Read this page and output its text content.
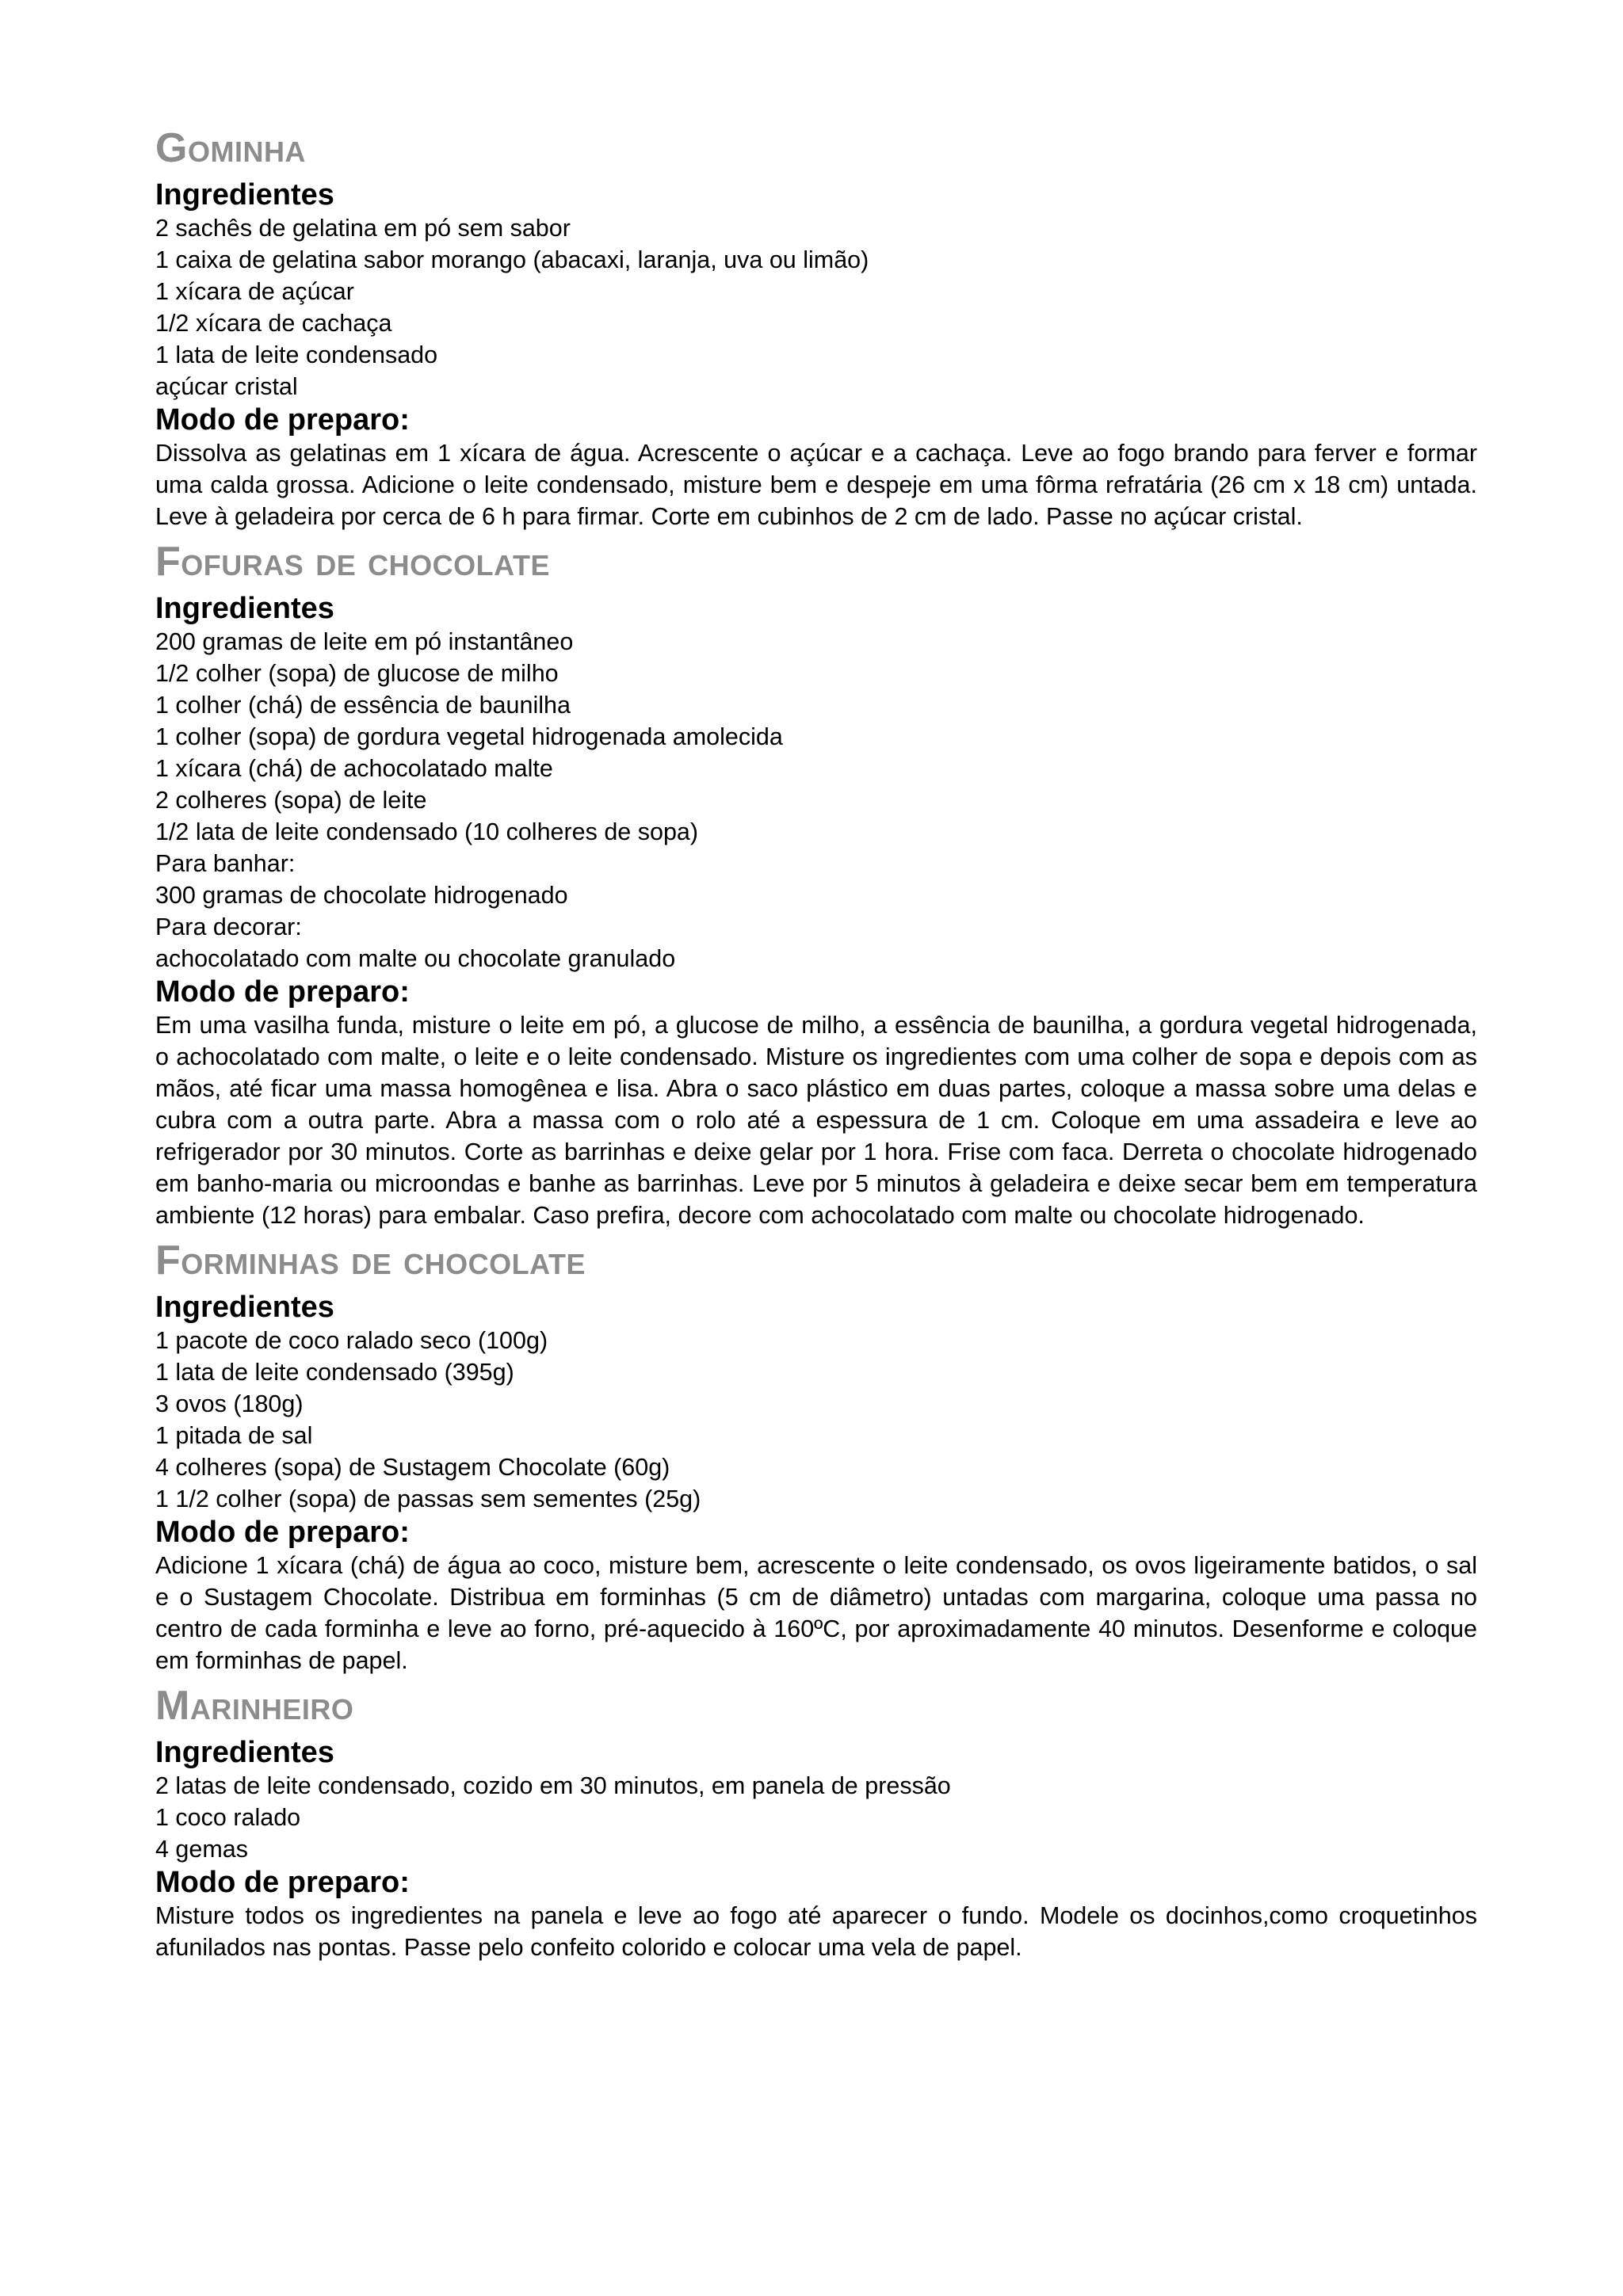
Gominha
Ingredientes
2 sachês de gelatina em pó sem sabor
1 caixa de gelatina sabor morango (abacaxi, laranja, uva ou limão)
1 xícara de açúcar
1/2 xícara de cachaça
1 lata de leite condensado
açúcar cristal
Modo de preparo:

Dissolva as gelatinas em 1 xícara de água. Acrescente o açúcar e a cachaça. Leve ao fogo brando para ferver e formar uma calda grossa. Adicione o leite condensado, misture bem e despeje em uma fôrma refratária (26 cm x 18 cm) untada. Leve à geladeira por cerca de 6 h para firmar. Corte em cubinhos de 2 cm de lado. Passe no açúcar cristal.

Fofuras de chocolate
Ingredientes
200 gramas de leite em pó instantâneo
1/2 colher (sopa) de glucose de milho
1 colher (chá) de essência de baunilha
1 colher (sopa) de gordura vegetal hidrogenada amolecida
1 xícara (chá) de achocolatado malte
2 colheres (sopa) de leite
1/2 lata de leite condensado (10 colheres de sopa)
Para banhar:
300 gramas de chocolate hidrogenado
Para decorar:
achocolatado com malte ou chocolate granulado
Modo de preparo:

Em uma vasilha funda, misture o leite em pó, a glucose de milho, a essência de baunilha, a gordura vegetal hidrogenada, o achocolatado com malte, o leite e o leite condensado. Misture os ingredientes com uma colher de sopa e depois com as mãos, até ficar uma massa homogênea e lisa. Abra o saco plástico em duas partes, coloque a massa sobre uma delas e cubra com a outra parte. Abra a massa com o rolo até a espessura de 1 cm. Coloque em uma assadeira e leve ao refrigerador por 30 minutos. Corte as barrinhas e deixe gelar por 1 hora. Frise com faca. Derreta o chocolate hidrogenado em banho-maria ou microondas e banhe as barrinhas. Leve por 5 minutos à geladeira e deixe secar bem em temperatura ambiente (12 horas) para embalar. Caso prefira, decore com achocolatado com malte ou chocolate hidrogenado.

Forminhas de chocolate
Ingredientes
1 pacote de coco ralado seco (100g)
1 lata de leite condensado (395g)
3 ovos (180g)
1 pitada de sal
4 colheres (sopa) de Sustagem Chocolate (60g)
1 1/2 colher (sopa) de passas sem sementes (25g)
Modo de preparo:

Adicione 1 xícara (chá) de água ao coco, misture bem, acrescente o leite condensado, os ovos ligeiramente batidos, o sal e o Sustagem Chocolate. Distribua em forminhas (5 cm de diâmetro) untadas com margarina, coloque uma passa no centro de cada forminha e leve ao forno, pré-aquecido à 160ºC, por aproximadamente 40 minutos. Desenforme e coloque em forminhas de papel.

Marinheiro
Ingredientes
2 latas de leite condensado, cozido em 30 minutos, em panela de pressão
1 coco ralado
4 gemas
Modo de preparo:

Misture todos os ingredientes na panela e leve ao fogo até aparecer o fundo. Modele os docinhos,como croquetinhos afunilados nas pontas. Passe pelo confeito colorido e colocar uma vela de papel.
